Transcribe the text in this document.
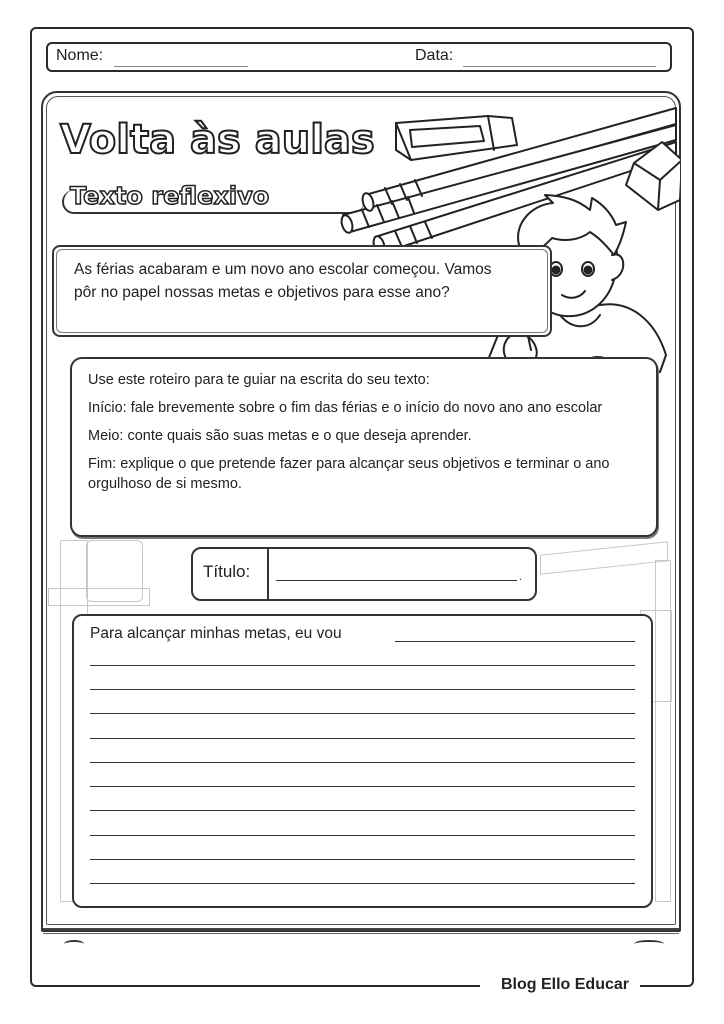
Blog Ello Educar
Nome:	Data:
Volta às aulas
Texto reflexivo
As férias acabaram e um novo ano escolar começou. Vamos pôr no papel nossas metas e objetivos para esse ano?

Use este roteiro para te guiar na escrita do seu texto:

Início: fale brevemente sobre o fim das férias e o início do novo ano ano escolar

Meio: conte quais são suas metas e o que deseja aprender.

Fim: explique o que pretende fazer para alcançar seus objetivos e terminar o ano orgulhoso de si mesmo.

Título:	.
Para alcançar minhas metas, eu vou
.
